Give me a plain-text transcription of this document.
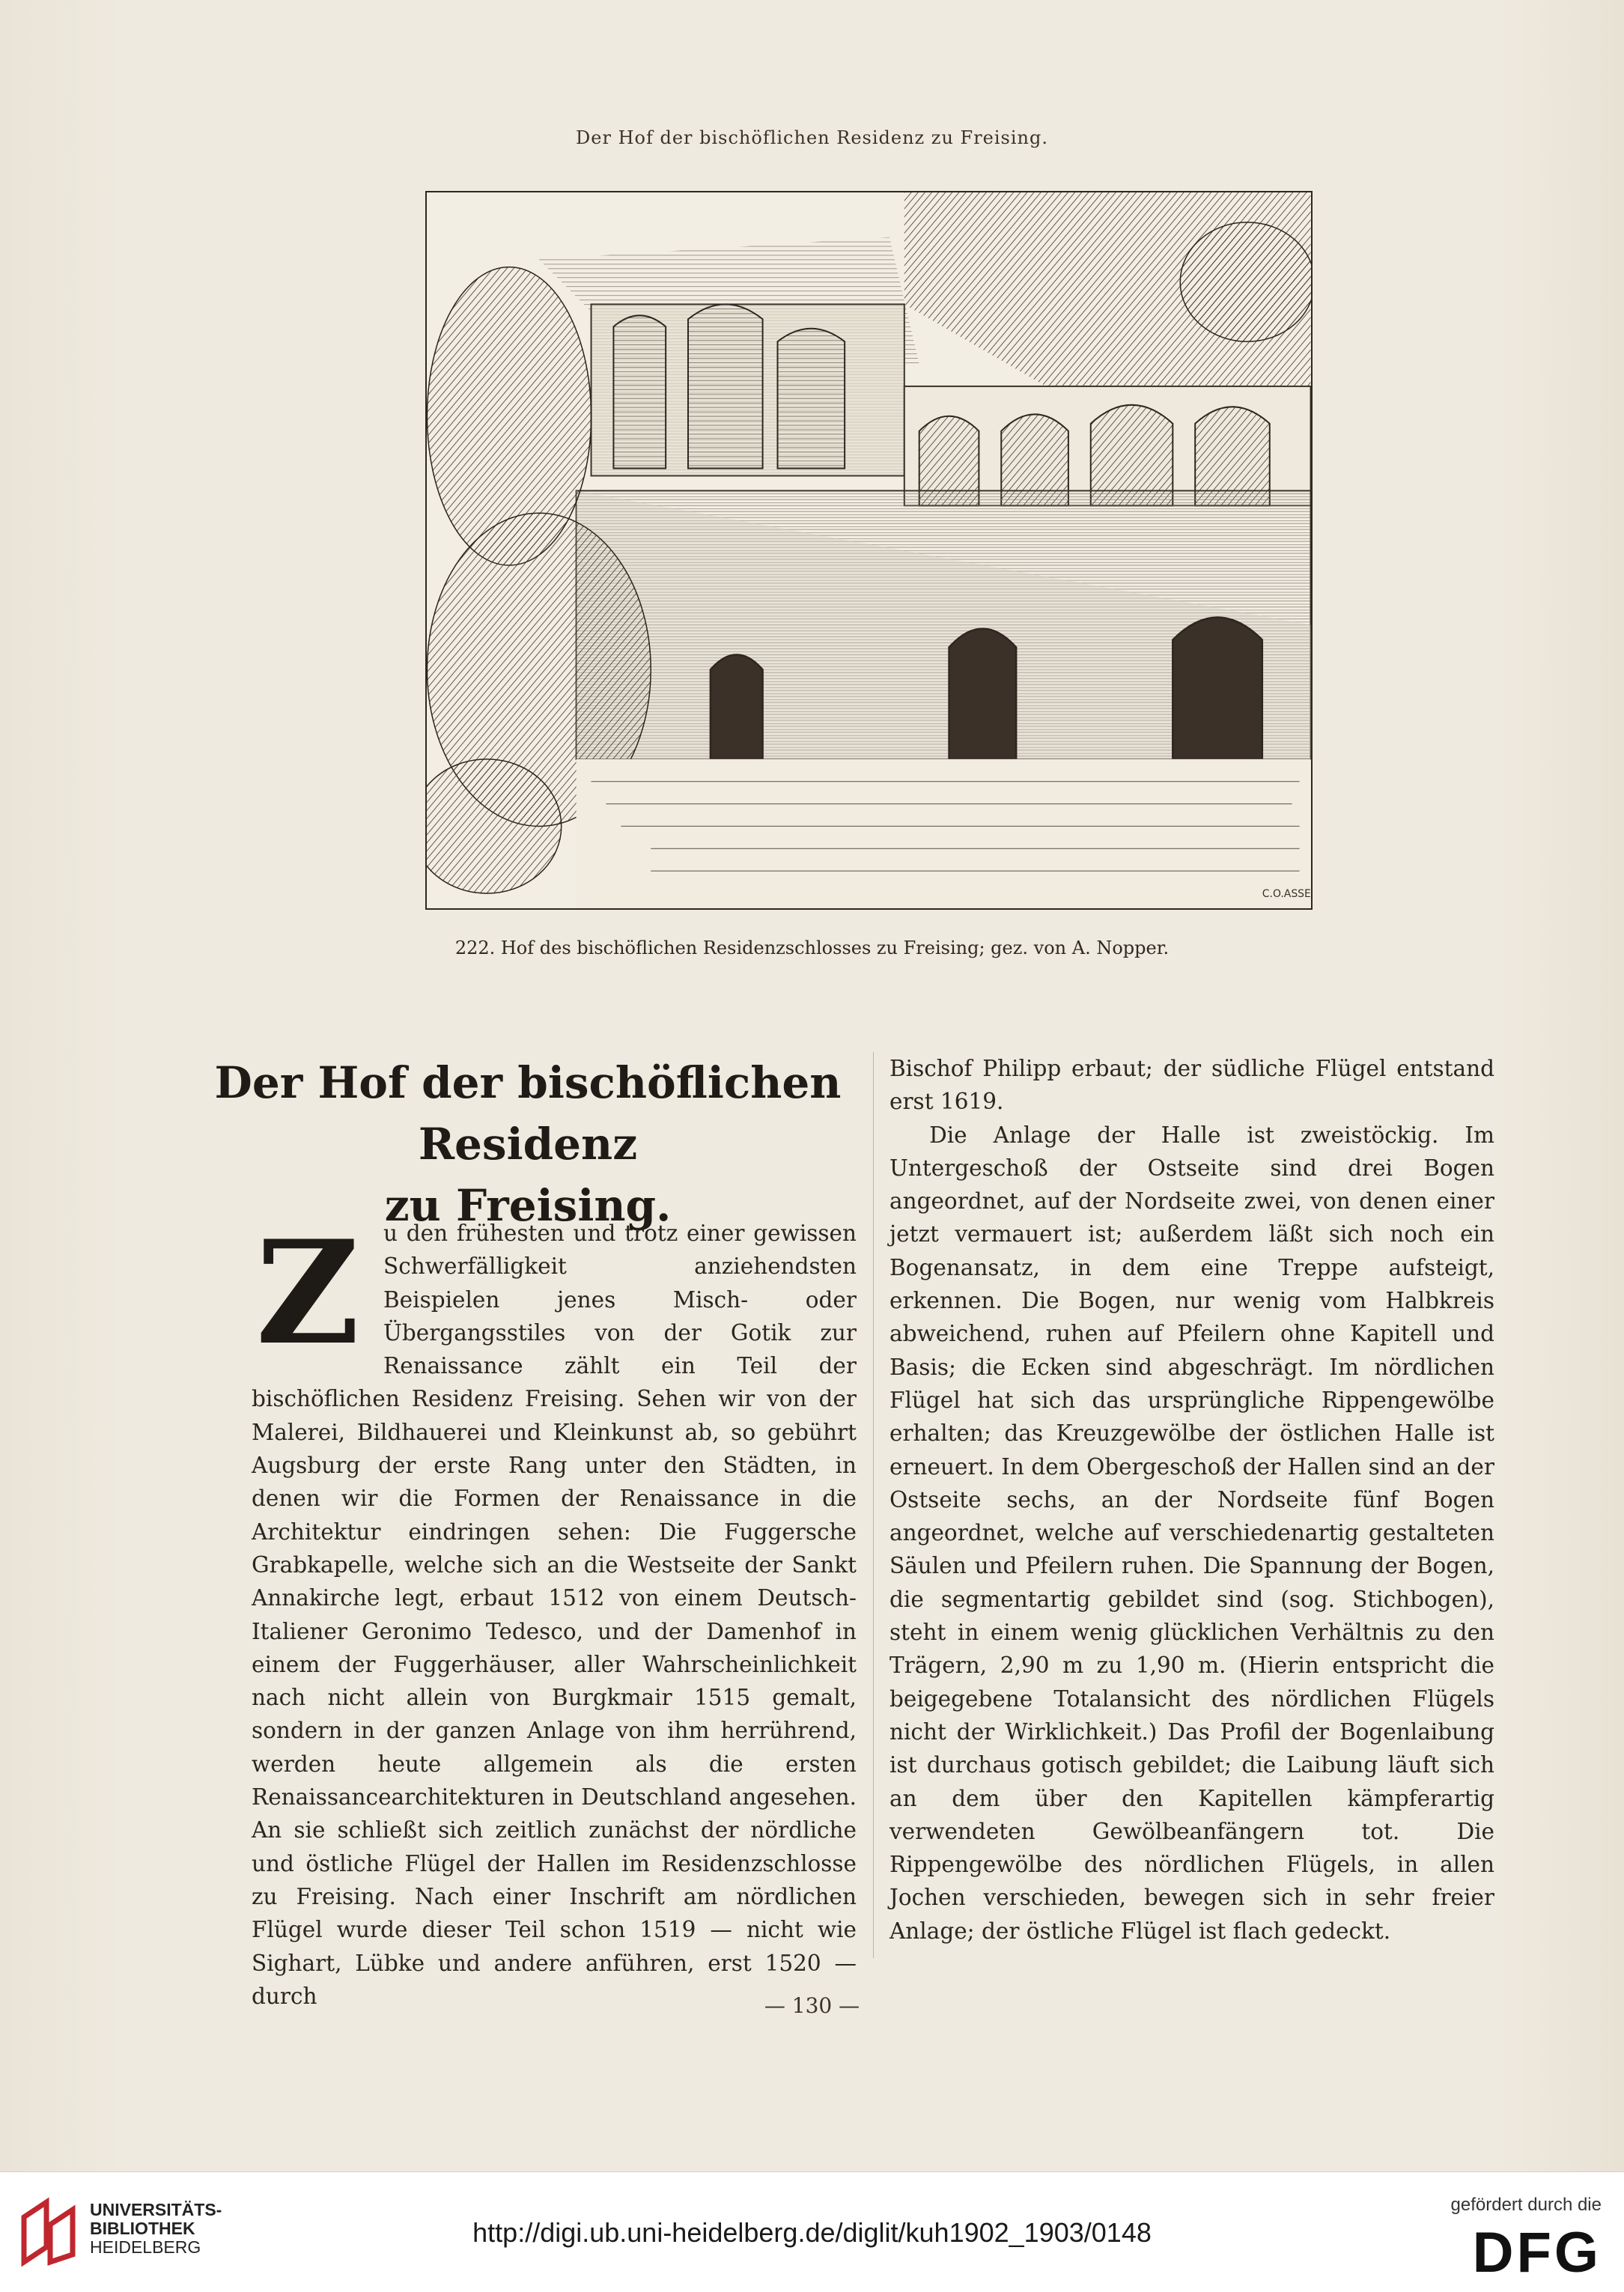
Der Hof der bischöflichen Residenz zu Freising.
C.O.ASSE
222. Hof des bischöflichen Residenzschlosses zu Freising; gez. von A. Nopper.
Der Hof der bischöflichen Residenz
zu Freising.
Z	u den frühesten und trotz einer gewissen Schwerfälligkeit anziehendsten Beispielen jenes Misch- oder Übergangsstiles von der Gotik zur Renaissance zählt ein Teil der bischöflichen Residenz Freising. Sehen wir von der Malerei, Bildhauerei und Kleinkunst ab, so gebührt Augsburg der erste Rang unter den Städten, in denen wir die Formen der Renaissance in die Architektur eindringen sehen: Die Fuggersche Grabkapelle, welche sich an die Westseite der Sankt Annakirche legt, erbaut 1512 von einem Deutsch-Italiener Geronimo Tedesco, und der Damenhof in einem der Fuggerhäuser, aller Wahrscheinlichkeit nach nicht allein von Burgkmair 1515 gemalt, sondern in der ganzen Anlage von ihm herrührend, werden heute allgemein als die ersten Renaissancearchitekturen in Deutschland angesehen. An sie schließt sich zeitlich zunächst der nördliche und östliche Flügel der Hallen im Residenzschlosse zu Freising. Nach einer Inschrift am nördlichen Flügel wurde dieser Teil schon 1519 — nicht wie Sighart, Lübke und andere anführen, erst 1520 — durch

Bischof Philipp erbaut; der südliche Flügel entstand erst 1619.

Die Anlage der Halle ist zweistöckig. Im Untergeschoß der Ostseite sind drei Bogen angeordnet, auf der Nordseite zwei, von denen einer jetzt vermauert ist; außerdem läßt sich noch ein Bogenansatz, in dem eine Treppe aufsteigt, erkennen. Die Bogen, nur wenig vom Halbkreis abweichend, ruhen auf Pfeilern ohne Kapitell und Basis; die Ecken sind abgeschrägt. Im nördlichen Flügel hat sich das ursprüngliche Rippengewölbe erhalten; das Kreuzgewölbe der östlichen Halle ist erneuert. In dem Obergeschoß der Hallen sind an der Ostseite sechs, an der Nordseite fünf Bogen angeordnet, welche auf verschiedenartig gestalteten Säulen und Pfeilern ruhen. Die Spannung der Bogen, die segmentartig gebildet sind (sog. Stichbogen), steht in einem wenig glücklichen Verhältnis zu den Trägern, 2,90 m zu 1,90 m. (Hierin entspricht die beigegebene Totalansicht des nördlichen Flügels nicht der Wirklichkeit.) Das Profil der Bogenlaibung ist durchaus gotisch gebildet; die Laibung läuft sich an dem über den Kapitellen kämpferartig verwendeten Gewölbeanfängern tot. Die Rippengewölbe des nördlichen Flügels, in allen Jochen verschieden, bewegen sich in sehr freier Anlage; der östliche Flügel ist flach gedeckt.

— 130 —
UNIVERSITÄTS-
BIBLIOTHEK
HEIDELBERG	http://digi.ub.uni-heidelberg.de/diglit/kuh1902_1903/0148
gefördert durch die
DFG
